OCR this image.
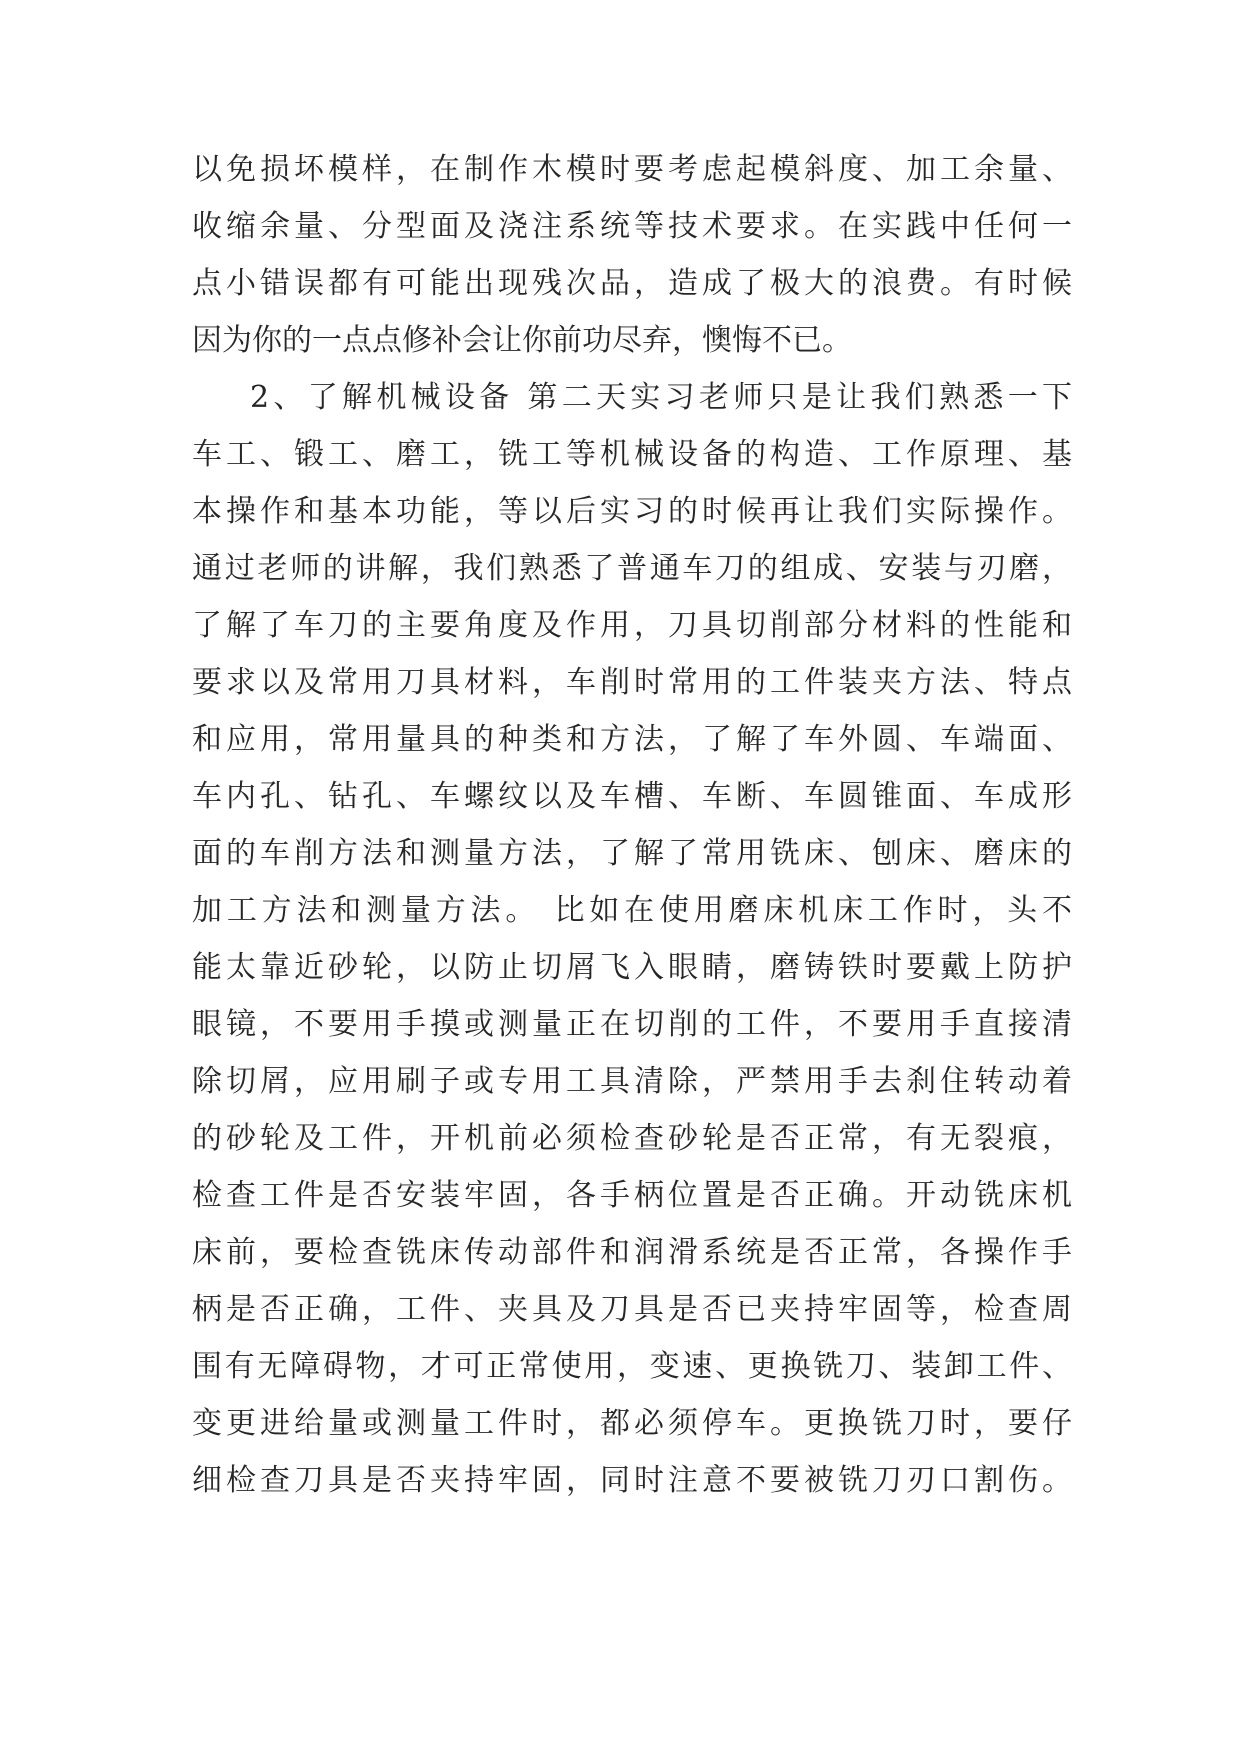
以免损坏模样，在制作木模时要考虑起模斜度、加工余量、
收缩余量、分型面及浇注系统等技术要求。在实践中任何一
点小错误都有可能出现残次品，造成了极大的浪费。有时候
因为你的一点点修补会让你前功尽弃，懊悔不已。
2、了解机械设备 第二天实习老师只是让我们熟悉一下
车工、锻工、磨工，铣工等机械设备的构造、工作原理、基
本操作和基本功能，等以后实习的时候再让我们实际操作。
通过老师的讲解，我们熟悉了普通车刀的组成、安装与刃磨，
了解了车刀的主要角度及作用，刀具切削部分材料的性能和
要求以及常用刀具材料，车削时常用的工件装夹方法、特点
和应用，常用量具的种类和方法，了解了车外圆、车端面、
车内孔、钻孔、车螺纹以及车槽、车断、车圆锥面、车成形
面的车削方法和测量方法，了解了常用铣床、刨床、磨床的
加工方法和测量方法。 比如在使用磨床机床工作时，头不
能太靠近砂轮，以防止切屑飞入眼睛，磨铸铁时要戴上防护
眼镜，不要用手摸或测量正在切削的工件，不要用手直接清
除切屑，应用刷子或专用工具清除，严禁用手去刹住转动着
的砂轮及工件，开机前必须检查砂轮是否正常，有无裂痕，
检查工件是否安装牢固，各手柄位置是否正确。开动铣床机
床前，要检查铣床传动部件和润滑系统是否正常，各操作手
柄是否正确，工件、夹具及刀具是否已夹持牢固等，检查周
围有无障碍物，才可正常使用，变速、更换铣刀、装卸工件、
变更进给量或测量工件时，都必须停车。更换铣刀时，要仔
细检查刀具是否夹持牢固，同时注意不要被铣刀刃口割伤。
